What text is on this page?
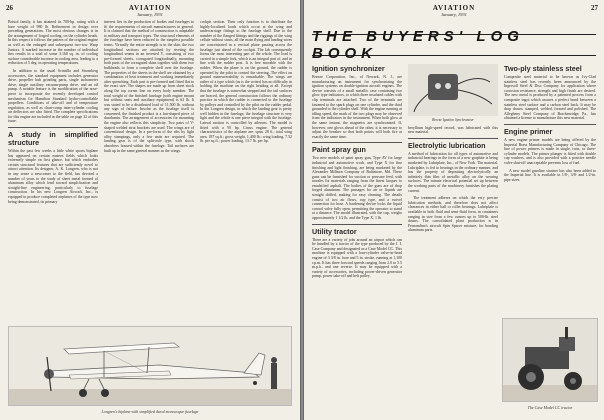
26	AVIATION
January, 1931

Bristol family, it has attained its 700-hp. rating with a bare weight of 980 lb. Refinement in design over preceding generations. The most obvious changes is in the arrangement of forged cooling, on the cylinder heads. In this respect it follows the pattern of the original engine as well as the enlarged and subsequent two-row Wasp Juniors. A marked increase in the number of individual fins results in a total of some 3,160 sq. in. of cooling surface considerable increase in cooling area, leading to a reduction of 5 deg. in operating temperatures.

In addition to the usual Scintilla and Stromberg accessories, the standard equipment includes generator drive, propeller hub grinding parts, single tachometer drive, single auxiliary vacuum-pump drive, and an oil pump. A notable feature is the modification of the nose-piece to incorporate the recently developed control mechanism for Hamilton Standard hydro-controllable propellers. Conditions of take-off and of temperature regulation, as well as chart-comp inter-cylinder cooling air deflectors are also fitted. The complete specifications for this engine are included in the table on page 32 of this issue.

A study in simplified structure

Within the past few weeks a little white sports biplane has appeared on certain eastern fields which looks extremely simple on first glance, but which embodies certain structural features that are sufficiently novel to attract attention. Its designer, A. K. Longren, who is not in any sense a newcomer to the field, has devoted a number of years to the study of sheet metal formed of aluminum alloy which lend toward simplification and straight-line engineering, particularly to fuselage construction. In his new Longren Aircraft, Inc., is equipped to produce completed airplanes of the type now being demonstrated, its primary

interest lies in the production of bodies and fuselages to fit the requirements of aircraft manufacturers in general. It is claimed that the method of construction is adaptable to military and transport types. The structural elements of the fuselage have been reduced to the simplest possible terms. Virtually the entire strength is in the skin, the two longitudinal sections are attached by riveting the longitudinal seams in an inverted V, consisting of two pre-formed sheets, corrugated longitudinally, mounting both parts of the corrugated skins together with them two bulkheads to form a complete shell over the fuselage. The properties of the sheets in the shell are obtained by a combination of heat treatment and working immediately after quenching. Each part is pre-formed and fitted flat to the exact size. The shapes are made up from sheet stock along the top corner line on every body member. The total weight of the finished fuselage (with engine mount but without seats and auxiliary equipment) is 62 lb. It was stated to be a distributed load of 11,500 lb. without any sign of failure. Insofar as the fuselage itself is concerned, the finished product is a fan-shaped piece of duralumin. The arrangement of accessories for mounting the engine also reflects this simplicity. Two pairs of V-shaped welded strut brackets are used. The wings are of conventional design. In a pre-form of the ribs by light alloy stampings, only a few units are required. The landing gear is of the split-axle type, with shock absorbers housed within the fuselage. Tail surfaces are built up in the same general manner as the wings.

cockpit section. Their only function is to distribute the highly-localized loads which occur at the wing and undercarriage fittings to the fuselage shell. Due to the number of the flanged fittings and the riggings of the wing cellule without struts, all the main flying and landing wires are concentrated in a vertical plane passing across the fuselage just ahead of the cockpit. The lab consequently forms the most interesting part of the whole. The load is carried in a simple fork, which is an integral part of, and in line with the rudder post. It is free movable with the rudder. When the plane is on the ground, the rudder is operated by the pilot to control the steering. The effect on ground maneuverability is remarkable. The wings are rather of a type which (as is the writer) has no difficulty in holding the machine on the right heading at all. Except that the fuselage is somewhat stepped and the tail surfaces are braced, the general construction follows the ordinary practice in which the rudder is connected to the fuselage by pulleys and controlled by the pilot on the rudder pedal. In the Longren design, in which the landing gear is pretty well hidden in the fuselage, the fuselage structure is very light and the whole is one piece integral with the fuselage. Lateral motion is controlled by ailerons. The model is fitted with a 95 hp. Cirrus engine. The general characteristics of the airplane are: span, 28 ft.; total wing area, 187 sq.ft.; gross weight, 1,400 lb.; wing loading, 7.52 lb. per sq.ft.; power loading, 13.7 lb. per hp.

Longren's biplane with simplified dural monocoque fuselage
27
AVIATION
January, 1931
THE BUYERS' LOG BOOK
Ignition synchronizer

Breeze Corporation, Inc., of Newark, N. J., are manufacturing an instrument for synchronizing the ignition systems on double-ignition aircraft engines. The device consists of a small metallic case containing two glow type indicators, to which three insulated cables with clip terminals are attached. Two of the terminals are fastened to the spark plugs on one cylinder, and the third grounded to the cylinder shell. With the engine running at idling speed, the mark of the two plugs may be observed from the indicators in the instrument. When both glow at the same instant, the magnetos are synchronized. If, however, one glows ahead of the other, it is necessary to adjust the breaker so that both points will both fire at exactly the same time.

Paint spray gun

Two new models of paint spray gun, Type AV for large industrial and automotive work, and Type X for fine finishing and light finishing, are being marketed by the Alexander Milburn Company of Baltimore, Md. These guns can be furnished for suction or pressure feed, with nozzles for materials ranging from the finest lacquer to emulsified asphalt. The bodies of the guns are of drop forged aluminum. The passages for air or liquids are straight drilled, making for easy cleaning. The details consist of two air flows, cup type, and a swivel connection for hose. A hardening device locks the liquid control valve fully open, permitting the operator to stand at a distance. The model illustrated, with the cup, weighs approximately 1 1/2 lb. and the Type X, 1 lb.

Utility tractor

There are a variety of jobs around an airport which can be handled by a tractor of the type produced by the J. I. Case Company and designated as a Case Model CC. This machine is equipped with a four-cylinder valve-in-head engine of 3 3/8 in. bore and 5 in. stroke, running at 1,100 r.p.m. It has three forward speeds ranging from 2.0 to 5.5 m.p.h., and one reverse. It may be equipped with a variety of accessories, including power-driven generator pump, power take-off and belt pulley.

Breeze Ignition Synchronizer

beryllium high-speed record, was lubricated with this new material.

Electrolytic lubrication

A method of lubrication for all types of automotive and industrial bearings in the form of a new graphite is being marketed by Lubriplate, Inc., of New York. The material, Lubriplate, is fed to bearings in the ordinary manner, and has the property of depositing electrolytically an infinitely thin film of metallic alloy on the wearing surfaces. The minute electrical potential set up between the working parts of the machinery furnishes the plating current.

The treatment adheres on which the very precise lubrication methods, and therefore does not affect clearances in either ball or roller bearings. Lubriplate is available in both fluid and semi-fluid form, in containers ranging in size from a few ounces up to 500-lb. steel drums. The consolidated plant production is in Fernandino's aircraft Spin Spacer mixture, for bonding aluminum parts.

Two-ply stainless steel

Composite steel material to be known as Ivy-Clad stainless steel has recently been announced by the Ingersoll Steel & Disc Company for application where corrosion resistance, strength and high finish are desired. The new metal is produced by a patented process from a composite ingot which assures a perfect bond between a stainless steel surface and a carbon steel back. It may be drop drawn, stamped, welded, formed and polished. The Allegheny Steel Company of Brackenridge, Pa., has obtained a license to manufacture this new material.

Engine primer

A new engine primer models are being offered by the Imperial Brass Manufacturing Company of Chicago. The line of power primers is made in single, twin, or three-cylinder models. The primer plunger is fitted with double cup washers, and is also provided with a positive needle valve shut-off unacceptable prevents loss of fuel.

A new model gasoline strainer has also been added to the Imperial line. It is available in 1/8-, 3/8- and 1/2-in. pipe sizes.

The Case Model CC tractor
